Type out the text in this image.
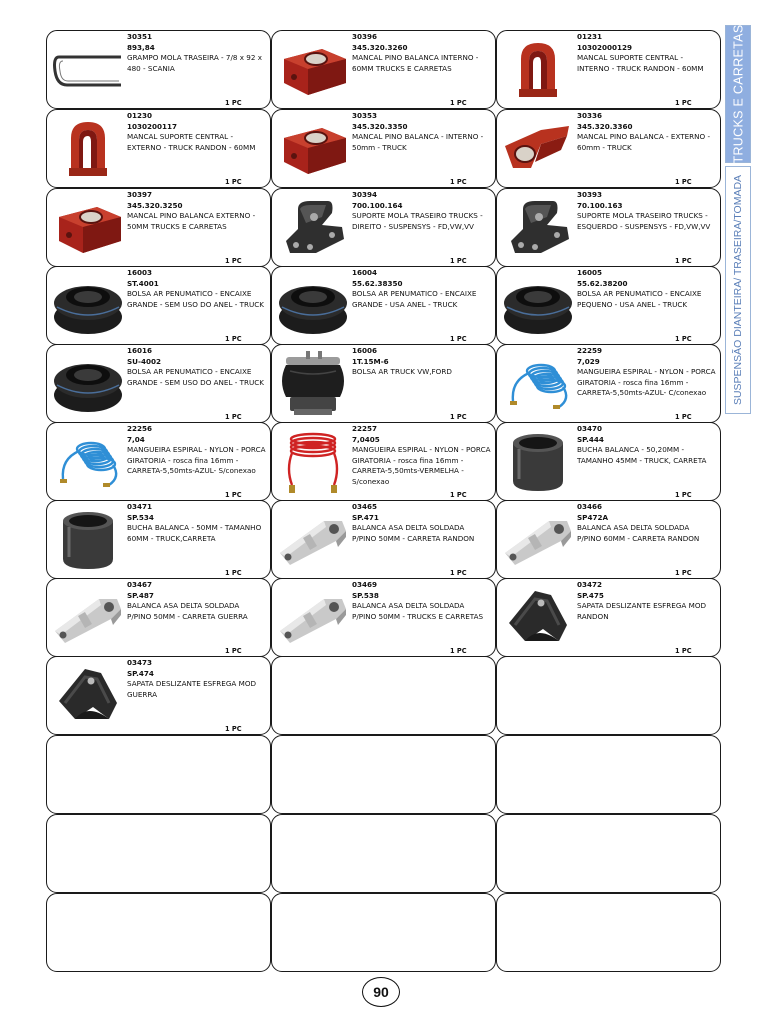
30351
893,84
GRAMPO MOLA TRASEIRA - 7/8 x 92 x
480 - SCANIA
1 PC
30396
345.320.3260
MANCAL PINO BALANCA INTERNO -
60MM TRUCKS E CARRETAS
1 PC
01231
10302000129
MANCAL SUPORTE CENTRAL -
INTERNO - TRUCK RANDON - 60MM
1 PC
01230
1030200117
MANCAL SUPORTE CENTRAL -
EXTERNO - TRUCK RANDON - 60MM
1 PC
30353
345.320.3350
MANCAL PINO BALANCA - INTERNO -
50mm - TRUCK
1 PC
30336
345.320.3360
MANCAL PINO BALANCA - EXTERNO -
60mm - TRUCK
1 PC
30397
345.320.3250
MANCAL PINO BALANCA EXTERNO -
50MM TRUCKS E CARRETAS
1 PC
30394
700.100.164
SUPORTE MOLA TRASEIRO TRUCKS -
DIREITO - SUSPENSYS - FD,VW,VV
1 PC
30393
70.100.163
SUPORTE MOLA TRASEIRO TRUCKS -
ESQUERDO - SUSPENSYS - FD,VW,VV
1 PC
16003
ST.4001
BOLSA AR PENUMATICO - ENCAIXE
GRANDE - SEM USO DO ANEL - TRUCK
1 PC
16004
55.62.38350
BOLSA AR PENUMATICO - ENCAIXE
GRANDE - USA ANEL - TRUCK
1 PC
16005
55.62.38200
BOLSA AR PENUMATICO - ENCAIXE
PEQUENO - USA ANEL - TRUCK
1 PC
16016
SU-4002
BOLSA AR PENUMATICO - ENCAIXE
GRANDE - SEM USO DO ANEL - TRUCK
1 PC
16006
1T.15M-6
BOLSA AR TRUCK VW,FORD
1 PC
22259
7,029
MANGUEIRA ESPIRAL - NYLON - PORCA
GIRATORIA - rosca fina 16mm -
CARRETA-5,50mts-AZUL- C/conexao
1 PC
22256
7,04
MANGUEIRA ESPIRAL - NYLON - PORCA
GIRATORIA - rosca fina 16mm -
CARRETA-5,50mts-AZUL- S/conexao
1 PC
22257
7,0405
MANGUEIRA ESPIRAL - NYLON - PORCA
GIRATORIA - rosca fina 16mm -
CARRETA-5,50mts-VERMELHA -
S/conexao
1 PC
03470
SP.444
BUCHA BALANCA - 50,20MM -
TAMANHO 45MM - TRUCK, CARRETA
1 PC
03471
SP.534
BUCHA BALANCA - 50MM - TAMANHO
60MM - TRUCK,CARRETA
1 PC
03465
SP.471
BALANCA ASA DELTA SOLDADA
P/PINO 50MM - CARRETA RANDON
1 PC
03466
SP472A
BALANCA ASA DELTA SOLDADA
P/PINO 60MM - CARRETA RANDON
1 PC
03467
SP.487
BALANCA ASA DELTA SOLDADA
P/PINO 50MM - CARRETA GUERRA
1 PC
03469
SP.538
BALANCA ASA DELTA SOLDADA
P/PINO 50MM - TRUCKS E CARRETAS
1 PC
03472
SP.475
SAPATA DESLIZANTE ESFREGA MOD
RANDON
1 PC
03473
SP.474
SAPATA DESLIZANTE ESFREGA MOD
GUERRA
1 PC
TRUCKS E CARRETAS
SUSPENSÃO DIANTEIRA/ TRASEIRA/TOMADA
90
